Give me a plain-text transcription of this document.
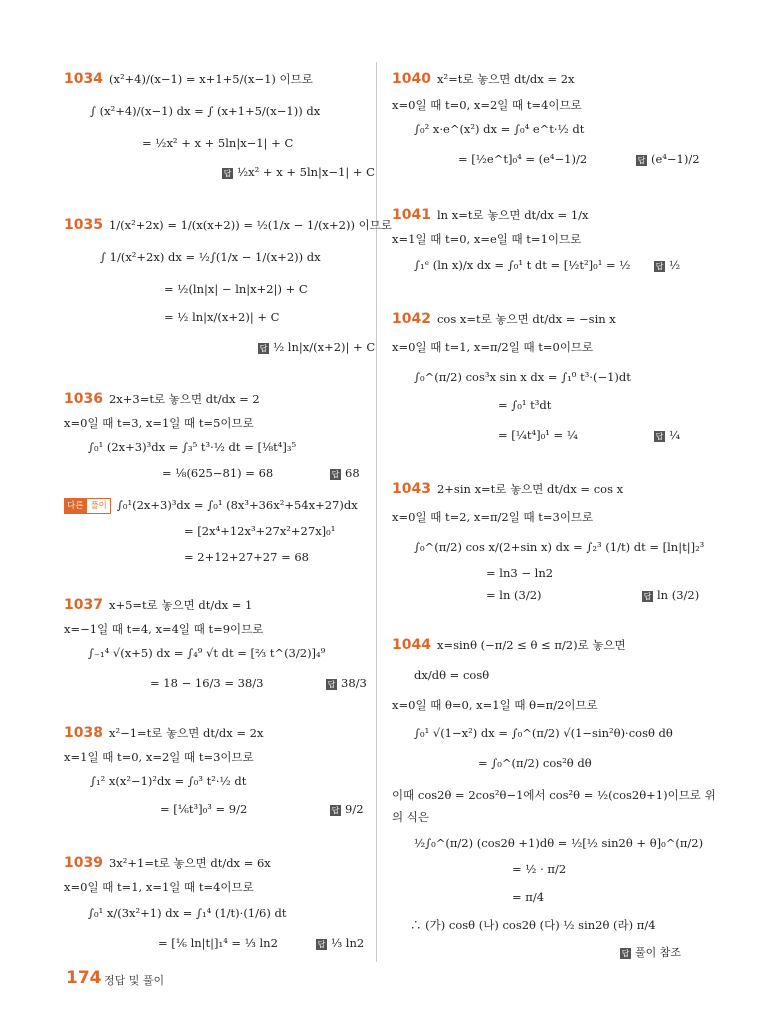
1034 (x²+4)/(x−1) = x+1+5/(x−1) 이므로
∫ (x²+4)/(x−1) dx = ∫ (x+1+5/(x−1)) dx
= ½x² + x + 5ln|x−1| + C
답 ½x² + x + 5ln|x−1| + C
1035 1/(x²+2x) = 1/(x(x+2)) = ½(1/x − 1/(x+2)) 이므로
∫ 1/(x²+2x) dx = ½∫(1/x − 1/(x+2)) dx
= ½(ln|x| − ln|x+2|) + C
= ½ ln|x/(x+2)| + C
답 ½ ln|x/(x+2)| + C
1036 2x+3=t로 놓으면 dt/dx = 2
x=0일 때 t=3, x=1일 때 t=5이므로
∫₀¹ (2x+3)³dx = ∫₃⁵ t³·½ dt = [⅛t⁴]₃⁵
= ⅛(625−81) = 68	답 68
다른 풀이 ∫₀¹(2x+3)³dx = ∫₀¹ (8x³+36x²+54x+27)dx
= [2x⁴+12x³+27x²+27x]₀¹
= 2+12+27+27 = 68
1037 x+5=t로 놓으면 dt/dx = 1
x=−1일 때 t=4, x=4일 때 t=9이므로
∫₋₁⁴ √(x+5) dx = ∫₄⁹ √t dt = [⅔ t^(3/2)]₄⁹
= 18 − 16/3 = 38/3	답 38/3
1038 x²−1=t로 놓으면 dt/dx = 2x
x=1일 때 t=0, x=2일 때 t=3이므로
∫₁² x(x²−1)²dx = ∫₀³ t²·½ dt
= [⅙t³]₀³ = 9/2	답 9/2
1039 3x²+1=t로 놓으면 dt/dx = 6x
x=0일 때 t=1, x=1일 때 t=4이므로
∫₀¹ x/(3x²+1) dx = ∫₁⁴ (1/t)·(1/6) dt
= [⅙ ln|t|]₁⁴ = ⅓ ln2	답 ⅓ ln2
1040 x²=t로 놓으면 dt/dx = 2x
x=0일 때 t=0, x=2일 때 t=4이므로
∫₀² x·e^(x²) dx = ∫₀⁴ e^t·½ dt
= [½e^t]₀⁴ = (e⁴−1)/2	답 (e⁴−1)/2
1041 ln x=t로 놓으면 dt/dx = 1/x
x=1일 때 t=0, x=e일 때 t=1이므로
∫₁ᵉ (ln x)/x dx = ∫₀¹ t dt = [½t²]₀¹ = ½	답 ½
1042 cos x=t로 놓으면 dt/dx = −sin x
x=0일 때 t=1, x=π/2일 때 t=0이므로
∫₀^(π/2) cos³x sin x dx = ∫₁⁰ t³·(−1)dt
= ∫₀¹ t³dt
= [¼t⁴]₀¹ = ¼	답 ¼
1043 2+sin x=t로 놓으면 dt/dx = cos x
x=0일 때 t=2, x=π/2일 때 t=3이므로
∫₀^(π/2) cos x/(2+sin x) dx = ∫₂³ (1/t) dt = [ln|t|]₂³
= ln3 − ln2
= ln (3/2)	답 ln (3/2)
1044 x=sinθ (−π/2 ≤ θ ≤ π/2)로 놓으면
dx/dθ = cosθ
x=0일 때 θ=0, x=1일 때 θ=π/2이므로
∫₀¹ √(1−x²) dx = ∫₀^(π/2) √(1−sin²θ)·cosθ dθ
= ∫₀^(π/2) cos²θ dθ
이때 cos2θ = 2cos²θ−1에서 cos²θ = ½(cos2θ+1)이므로 위
의 식은
½∫₀^(π/2) (cos2θ +1)dθ = ½[½ sin2θ + θ]₀^(π/2)
= ½ · π/2
= π/4
∴ (가) cosθ (나) cos2θ (다) ½ sin2θ (라) π/4
답 풀이 참조
174 정답 및 풀이
